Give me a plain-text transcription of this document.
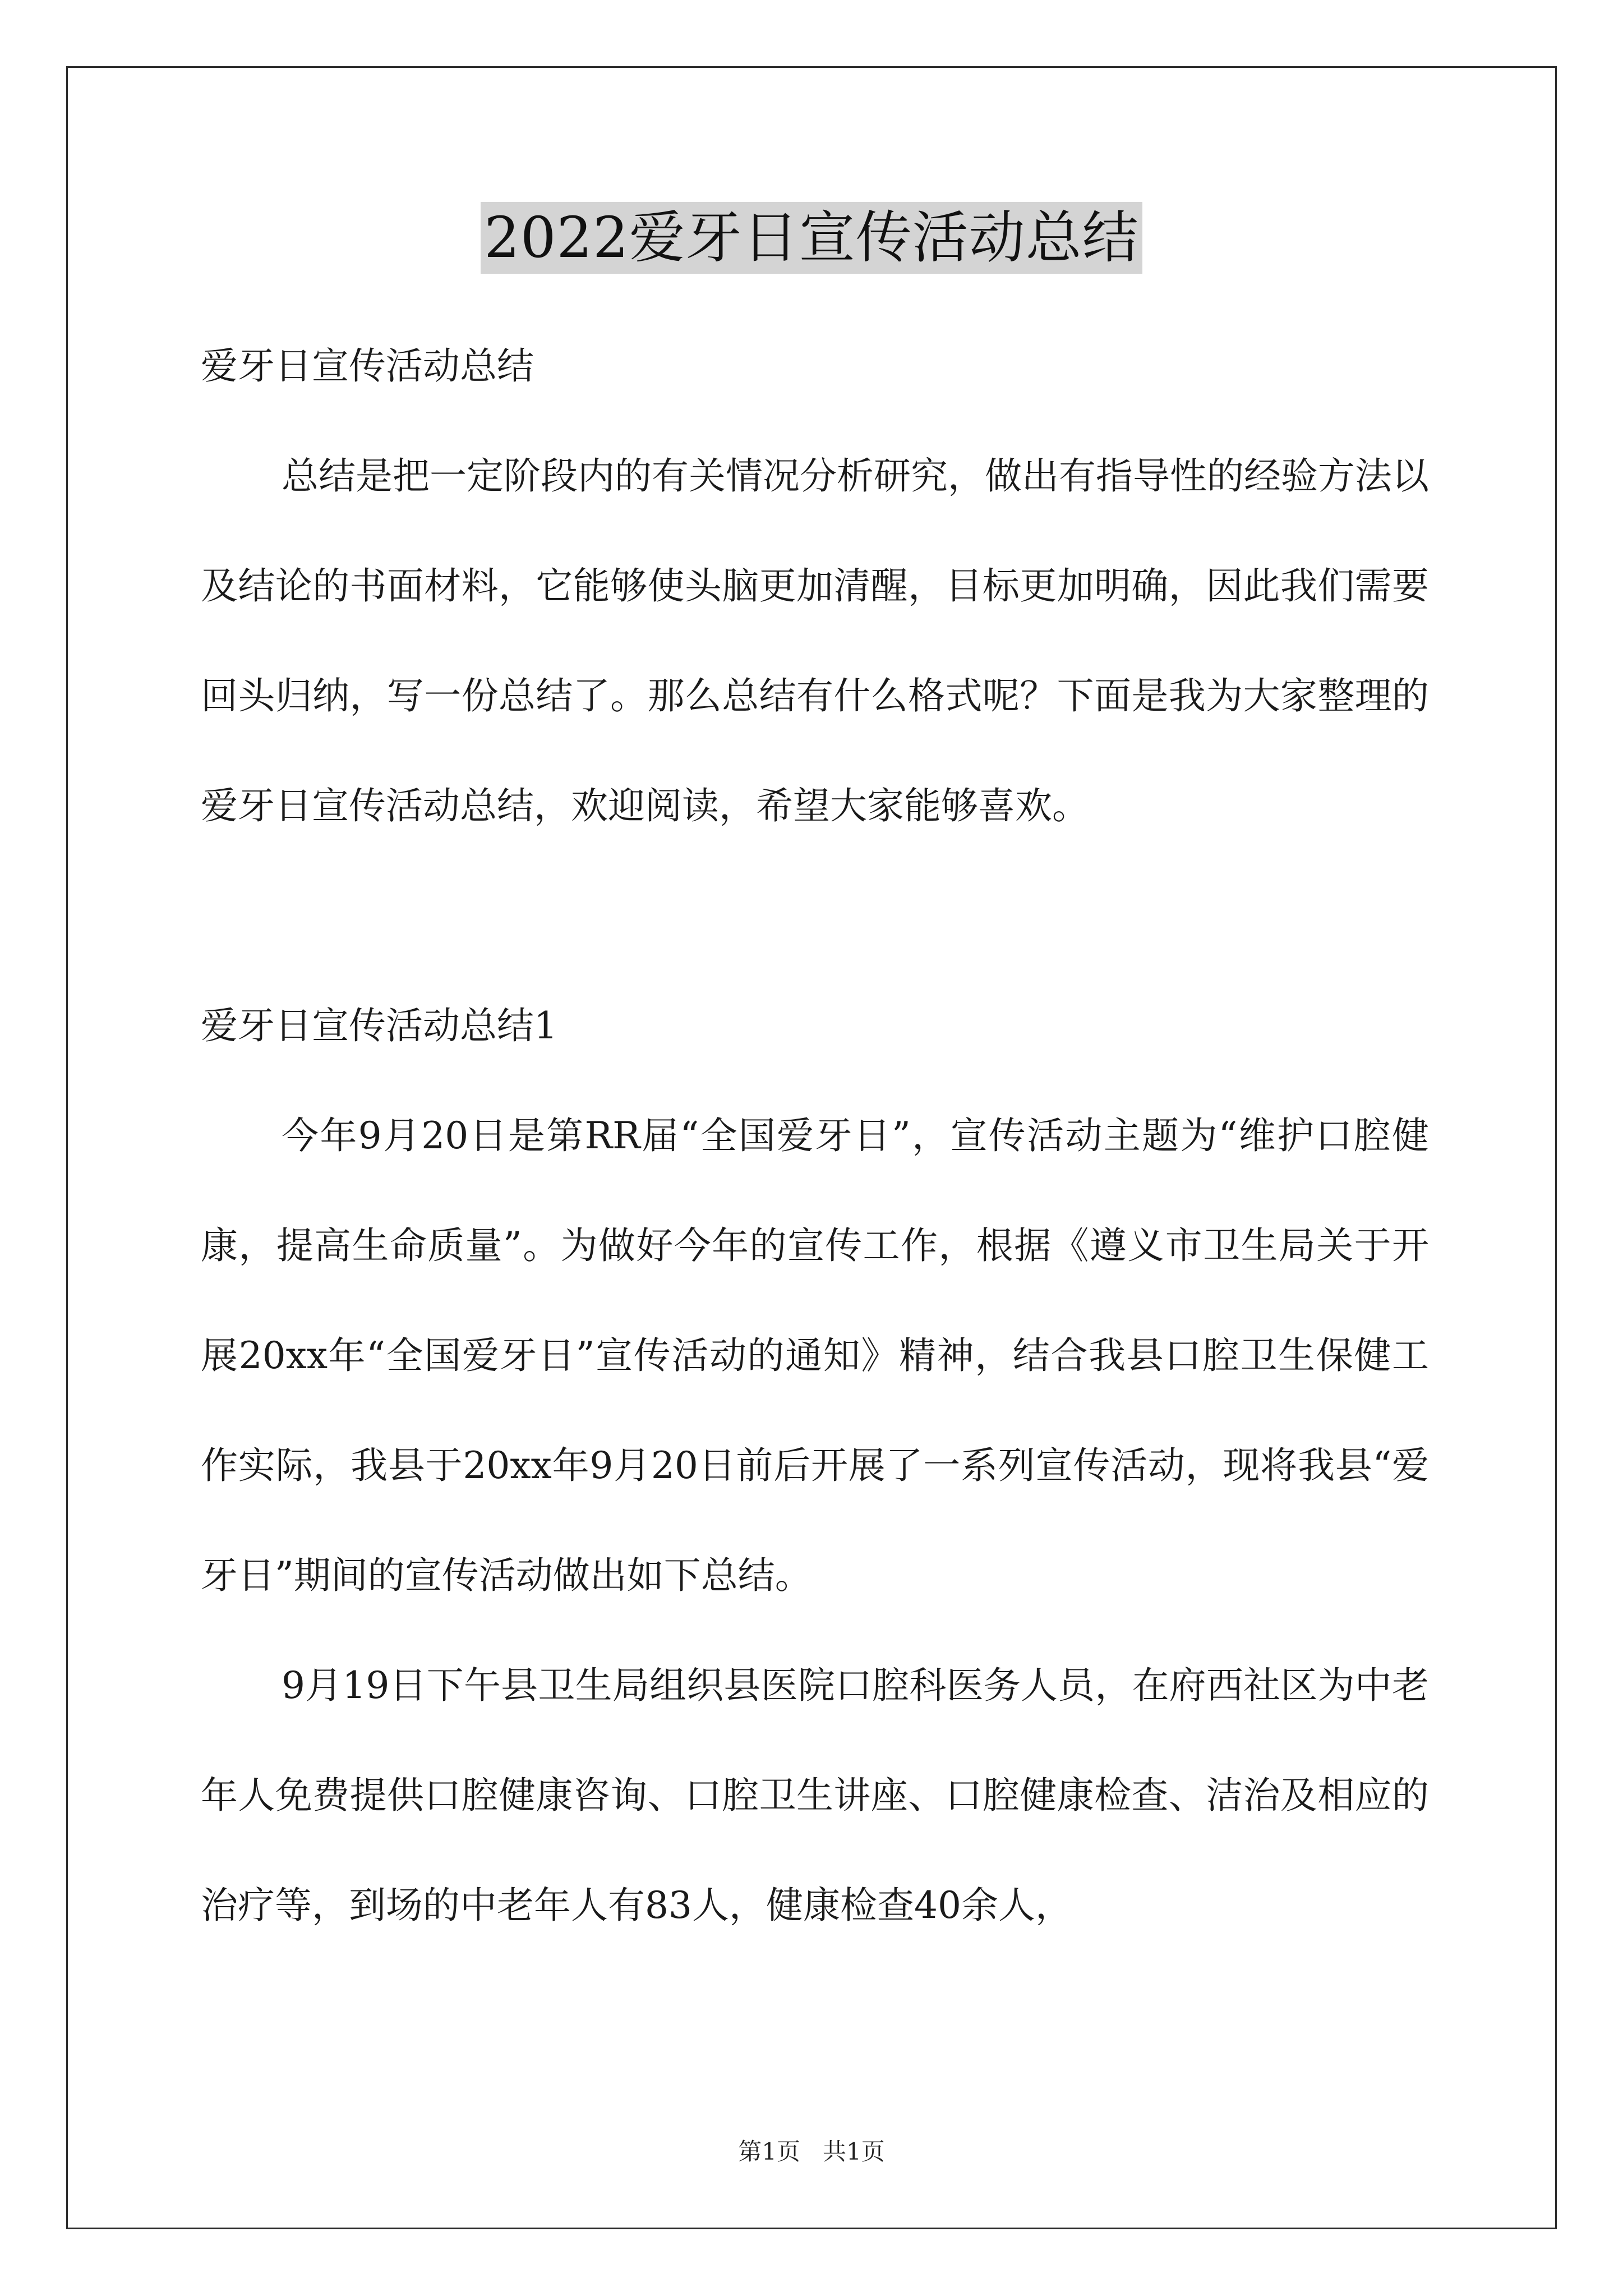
2022爱牙日宣传活动总结

爱牙日宣传活动总结

总结是把一定阶段内的有关情况分析研究，做出有指导性的经验方法以及结论的书面材料，它能够使头脑更加清醒，目标更加明确，因此我们需要回头归纳，写一份总结了。那么总结有什么格式呢？下面是我为大家整理的爱牙日宣传活动总结，欢迎阅读，希望大家能够喜欢。

爱牙日宣传活动总结1

今年9月20日是第RR届“全国爱牙日”，宣传活动主题为“维护口腔健康，提高生命质量”。为做好今年的宣传工作，根据《遵义市卫生局关于开展20xx年“全国爱牙日”宣传活动的通知》精神，结合我县口腔卫生保健工作实际，我县于20xx年9月20日前后开展了一系列宣传活动，现将我县“爱牙日”期间的宣传活动做出如下总结。

9月19日下午县卫生局组织县医院口腔科医务人员，在府西社区为中老年人免费提供口腔健康咨询、口腔卫生讲座、口腔健康检查、洁治及相应的治疗等，到场的中老年人有83人，健康检查40余人，

第1页   共1页
